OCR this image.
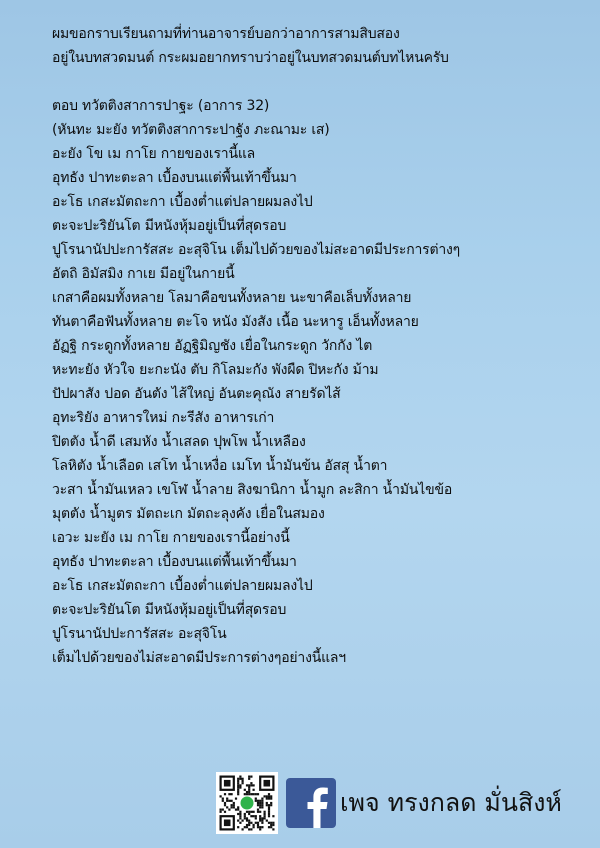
ผมขอกราบเรียนถามที่ท่านอาจารย์บอกว่าอาการสามสิบสอง
อยู่ในบทสวดมนต์ กระผมอยากทราบว่าอยู่ในบทสวดมนต์บทไหนครับ
ตอบ ทวัตติงสาการปาฐะ (อาการ 32)
(หันทะ มะยัง ทวัตติงสาการะปาฐัง ภะณามะ เส)
อะยัง โข เม กาโย กายของเรานี้แล
อุทธัง ปาทะตะลา เบื้องบนแต่พื้นเท้าขึ้นมา
อะโธ เกสะมัตถะกา เบื้องต่ำแต่ปลายผมลงไป
ตะจะปะริยันโต มีหนังหุ้มอยู่เป็นที่สุดรอบ
ปูโรนานัปปะการัสสะ อะสุจิโน เต็มไปด้วยของไม่สะอาดมีประการต่างๆ
อัตถิ อิมัสมิง กาเย มีอยู่ในกายนี้
เกสาคือผมทั้งหลาย โลมาคือขนทั้งหลาย นะขาคือเล็บทั้งหลาย
ทันตาคือฟันทั้งหลาย ตะโจ หนัง มังสัง เนื้อ นะหารู เอ็นทั้งหลาย
อัฏฐิ กระดูกทั้งหลาย อัฏฐิมิญชัง เยื่อในกระดูก วักกัง ไต
หะทะยัง หัวใจ ยะกะนัง ตับ กิโลมะกัง พังผืด ปิหะกัง ม้าม
ปัปผาสัง ปอด อันตัง ไส้ใหญ่ อันตะคุณัง สายรัดไส้
อุทะริยัง อาหารใหม่ กะรีสัง อาหารเก่า
ปิตตัง น้ำดี เสมหัง น้ำเสลด ปุพโพ น้ำเหลือง
โลหิตัง น้ำเลือด เสโท น้ำเหงื่อ เมโท น้ำมันข้น อัสสุ น้ำตา
วะสา น้ำมันเหลว เขโฬ น้ำลาย สิงฆานิกา น้ำมูก ละสิกา น้ำมันไขข้อ
มุตตัง น้ำมูตร มัตถะเก มัตถะลุงคัง เยื่อในสมอง
เอวะ มะยัง เม กาโย กายของเรานี้อย่างนี้
อุทธัง ปาทะตะลา เบื้องบนแต่พื้นเท้าขึ้นมา
อะโธ เกสะมัตถะกา เบื้องต่ำแต่ปลายผมลงไป
ตะจะปะริยันโต มีหนังหุ้มอยู่เป็นที่สุดรอบ
ปูโรนานัปปะการัสสะ อะสุจิโน
เต็มไปด้วยของไม่สะอาดมีประการต่างๆอย่างนี้แลฯ
เพจ ทรงกลด มั่นสิงห์
